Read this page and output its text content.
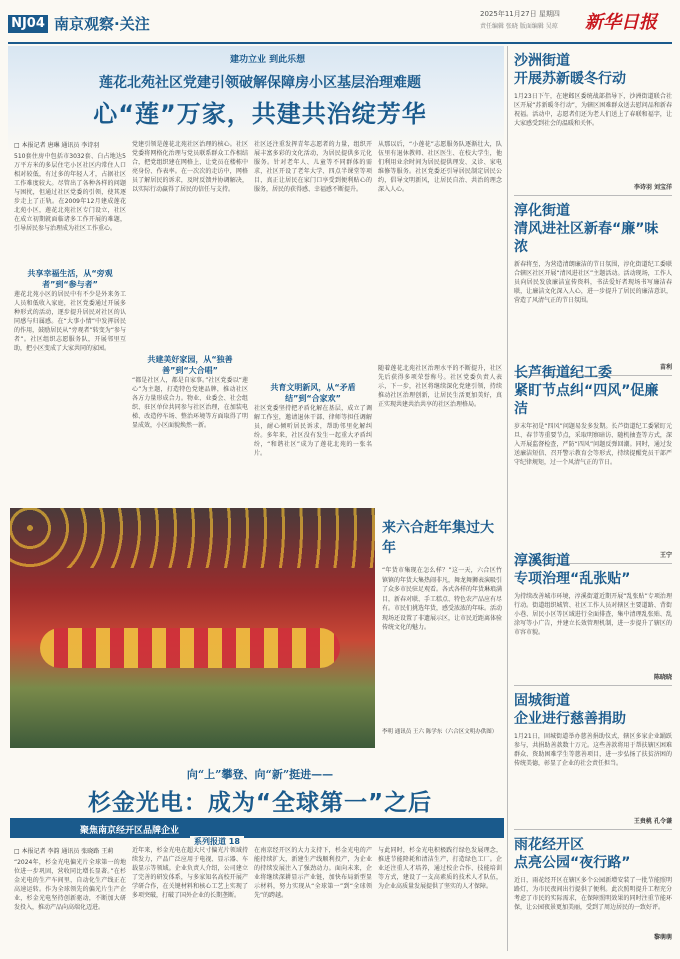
NJ04 南京观察·关注
2025年11月27日 星期四
责任编辑 张晓 版面编辑 吴琼 新华日报
建功立业 到此乐想
莲花北苑社区党建引领破解保障房小区基层治理难题
心“莲”万家，共建共治绽芳华
□ 本报记者 唐琳 通讯员 李诗羽
510套住房中包括市3032套、白占地达5万平方米的多层住宅小区社区内常住人口相对较低，有过多的年轻人才，占据社区工作难度较大。尽管出了各种各样的问题与困扰，但通过社区党委的引领，使其逐步走上了正轨。在2009年12月建成莲花北苑小区，莲花北苑社区专门设立，社区在成立初期就面临诸多工作开展的难题，引导居民参与治理成为社区工作重心。
共享幸福生活，从“旁观者”到“参与者”
莲花北苑小区的居民中有不少是外来务工人员和低收入家庭，社区党委通过开展多种形式的活动，逐步提升居民对社区的认同感与归属感。在“大事小情”中发挥居民的作用，鼓励居民从“旁观者”转变为“参与者”。社区组织志愿服务队，开展邻里互助，把小区变成了大家共同的家园。
党建引领是莲花北苑社区治理的核心。社区党委将网格化治理与党员联系群众工作相结合，把党组织建在网格上，让党员在楼栋中亮身份、作表率。在一次次的走访中，网格员了解居民的诉求，及时反馈并协调解决，以实际行动赢得了居民的信任与支持。
共建美好家园，从“独善善”到“大合唱”
“都是社区人，都是自家事。”社区党委以“莲心”为主题，打造特色党建品牌，推动社区各方力量形成合力。物业、业委会、社会组织、驻区单位共同参与社区治理，在加装电梯、改造停车场、整治环境等方面取得了明显成效，小区面貌焕然一新。
社区还注重发挥青年志愿者的力量，组织开展丰富多彩的文化活动，为居民提供多元化服务。针对老年人、儿童等不同群体的需求，社区开设了老年大学、四点半课堂等项目，真正让居民在家门口享受到便利贴心的服务，居民的获得感、幸福感不断提升。
共育文明新风，从“矛盾结”到“合家欢”
社区党委坚持把矛盾化解在基层，成立了调解工作室，邀请退休干部、律师等担任调解员，耐心倾听居民诉求，帮助邻里化解纠纷。多年来，社区没有发生一起重大矛盾纠纷，“和谐社区”成为了莲花北苑的一张名片。
从那以后，“小莲花”志愿服务队逐渐壮大，队伍里有退休教师、社区医生、在校大学生，他们利用业余时间为居民提供理发、义诊、家电维修等服务。社区党委还引导居民制定居民公约，倡导文明新风，让居民自治、共治的理念深入人心。
随着莲花北苑社区治理水平的不断提升，社区先后获得多项荣誉称号。社区党委负责人表示，下一步，社区将继续深化党建引领，持续推动社区治理创新，让居民生活更加美好，真正实现共建共治共享的社区治理格局。
来六合赶年集过大年
“年货市集现在怎么样？”这一天，六合区竹镇镇的年货大集热闹非凡，舞龙舞狮表演吸引了众多市民驻足观看。各式各样的年货琳琅满目，新春对联、手工糕点、特色农产品应有尽有。市民们挑选年货，感受浓浓的年味。活动现场还设置了非遗展示区，让市民近距离体验传统文化的魅力。
李明 通讯员 王六 陈学东（六合区文明办供图）
向“上”攀登、向“新”挺进——
杉金光电：成为“全球第一”之后
聚焦南京经开区品牌企业
系列报道 18
□ 本报记者 李韵 通讯员 张晓路 王莉
“2024年，杉金光电偏光片全球第一的地位进一步巩固，营收同比增长显著。”在杉金光电的生产车间里，自动化生产线正在高速运转。作为全球领先的偏光片生产企业，杉金光电坚持创新驱动，不断加大研发投入，推动产品向高端化迈进。
近年来，杉金光电在超大尺寸偏光片领域持续发力，产品广泛应用于电视、显示器、车载显示等领域。企业负责人介绍，公司建立了完善的研发体系，与多家知名高校开展产学研合作，在关键材料和核心工艺上实现了多项突破，打破了国外企业的长期垄断。
在南京经开区的大力支持下，杉金光电的产能持续扩大，新建生产线顺利投产，为企业的持续发展注入了强劲动力。面向未来，企业将继续深耕显示产业链，加快布局新型显示材料，努力实现从“全球第一”到“全球领先”的跨越。
与此同时，杉金光电积极践行绿色发展理念，推进节能降耗和清洁生产，打造绿色工厂。企业还注重人才培养，通过校企合作、技能培训等方式，建设了一支高素质的技术人才队伍，为企业高质量发展提供了坚实的人才保障。
沙洲街道
开展苏新暖冬行动
1月23日下午，在建邺区委统战部指导下，沙洲街道联合社区开展“苏新暖冬行动”，为辖区困难群众送去慰问品和新春祝福。活动中，志愿者们还为老人们送上了春联和福字，让大家感受到社会的温暖和关怀。
李诗羽 刘宝洋
淳化街道
清风进社区新春“廉”味浓
新春将至，为营造清朗廉洁的节日氛围，淳化街道纪工委联合辖区社区开展“清风进社区”主题活动。活动现场，工作人员向居民发放廉洁宣传资料，书法爱好者现场书写廉洁春联，让廉洁文化深入人心，进一步提升了居民的廉洁意识，营造了风清气正的节日氛围。
苗利
长芦街道纪工委
紧盯节点纠“四风”促廉洁
岁末年初是“四风”问题易发多发期。长芦街道纪工委紧盯元旦、春节等重要节点，采取明察暗访、随机抽查等方式，深入开展监督检查，严防“四风”问题反弹回潮。同时，通过发送廉洁短信、召开警示教育会等形式，持续提醒党员干部严守纪律规矩，过一个风清气正的节日。
王宁
淳溪街道
专项治理“乱张贴”
为持续改善城市环境，淳溪街道近期开展“乱张贴”专项治理行动。街道组织城管、社区工作人员对辖区主要道路、背街小巷、居民小区等区域进行全面排查，集中清理乱张贴、乱涂写等小广告，并建立长效管理机制，进一步提升了辖区的市容市貌。
陈晓晓
固城街道
企业进行慈善捐助
1月21日，固城街道举办慈善捐助仪式，辖区多家企业踊跃参与，共捐助善款数十万元。这些善款将用于帮扶辖区困难群众、资助困难学生等慈善项目，进一步弘扬了扶贫济困的传统美德，彰显了企业的社会责任担当。
王贵桃 孔令谦
雨花经开区
点亮公园“夜行路”
近日，雨花经开区在辖区多个公园新增安装了一批节能照明路灯，为市民夜间出行提供了便利。此次照明提升工程充分考虑了市民的实际需求，在保障照明效果的同时注重节能环保，让公园夜景更加美丽，受到了周边居民的一致好评。
黎萌萌
